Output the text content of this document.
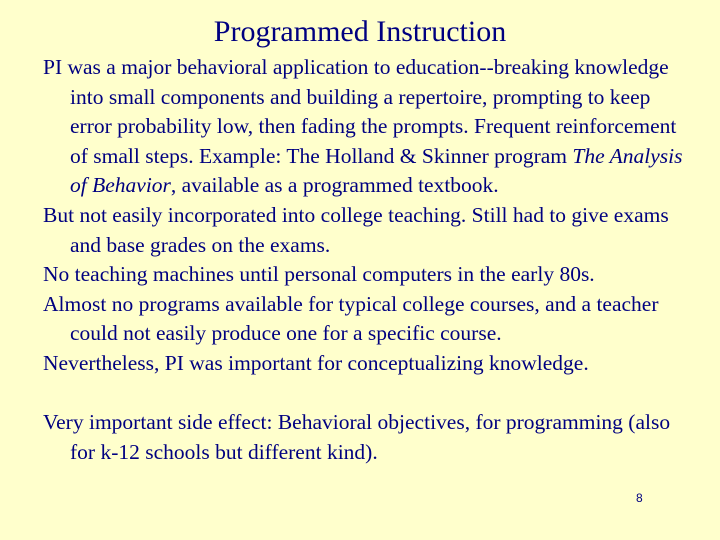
Programmed Instruction

PI was a major behavioral application to education--breaking knowledge into small components and building a repertoire, prompting to keep error probability low, then fading the prompts. Frequent reinforcement of small steps. Example: The Holland & Skinner program The Analysis of Behavior, available as a programmed textbook.

But not easily incorporated into college teaching. Still had to give exams and base grades on the exams.

No teaching machines until personal computers in the early 80s.

Almost no programs available for typical college courses, and a teacher could not easily produce one for a specific course.

Nevertheless, PI was important for conceptualizing knowledge.

Very important side effect: Behavioral objectives, for programming (also for k-12 schools but different kind).

8
